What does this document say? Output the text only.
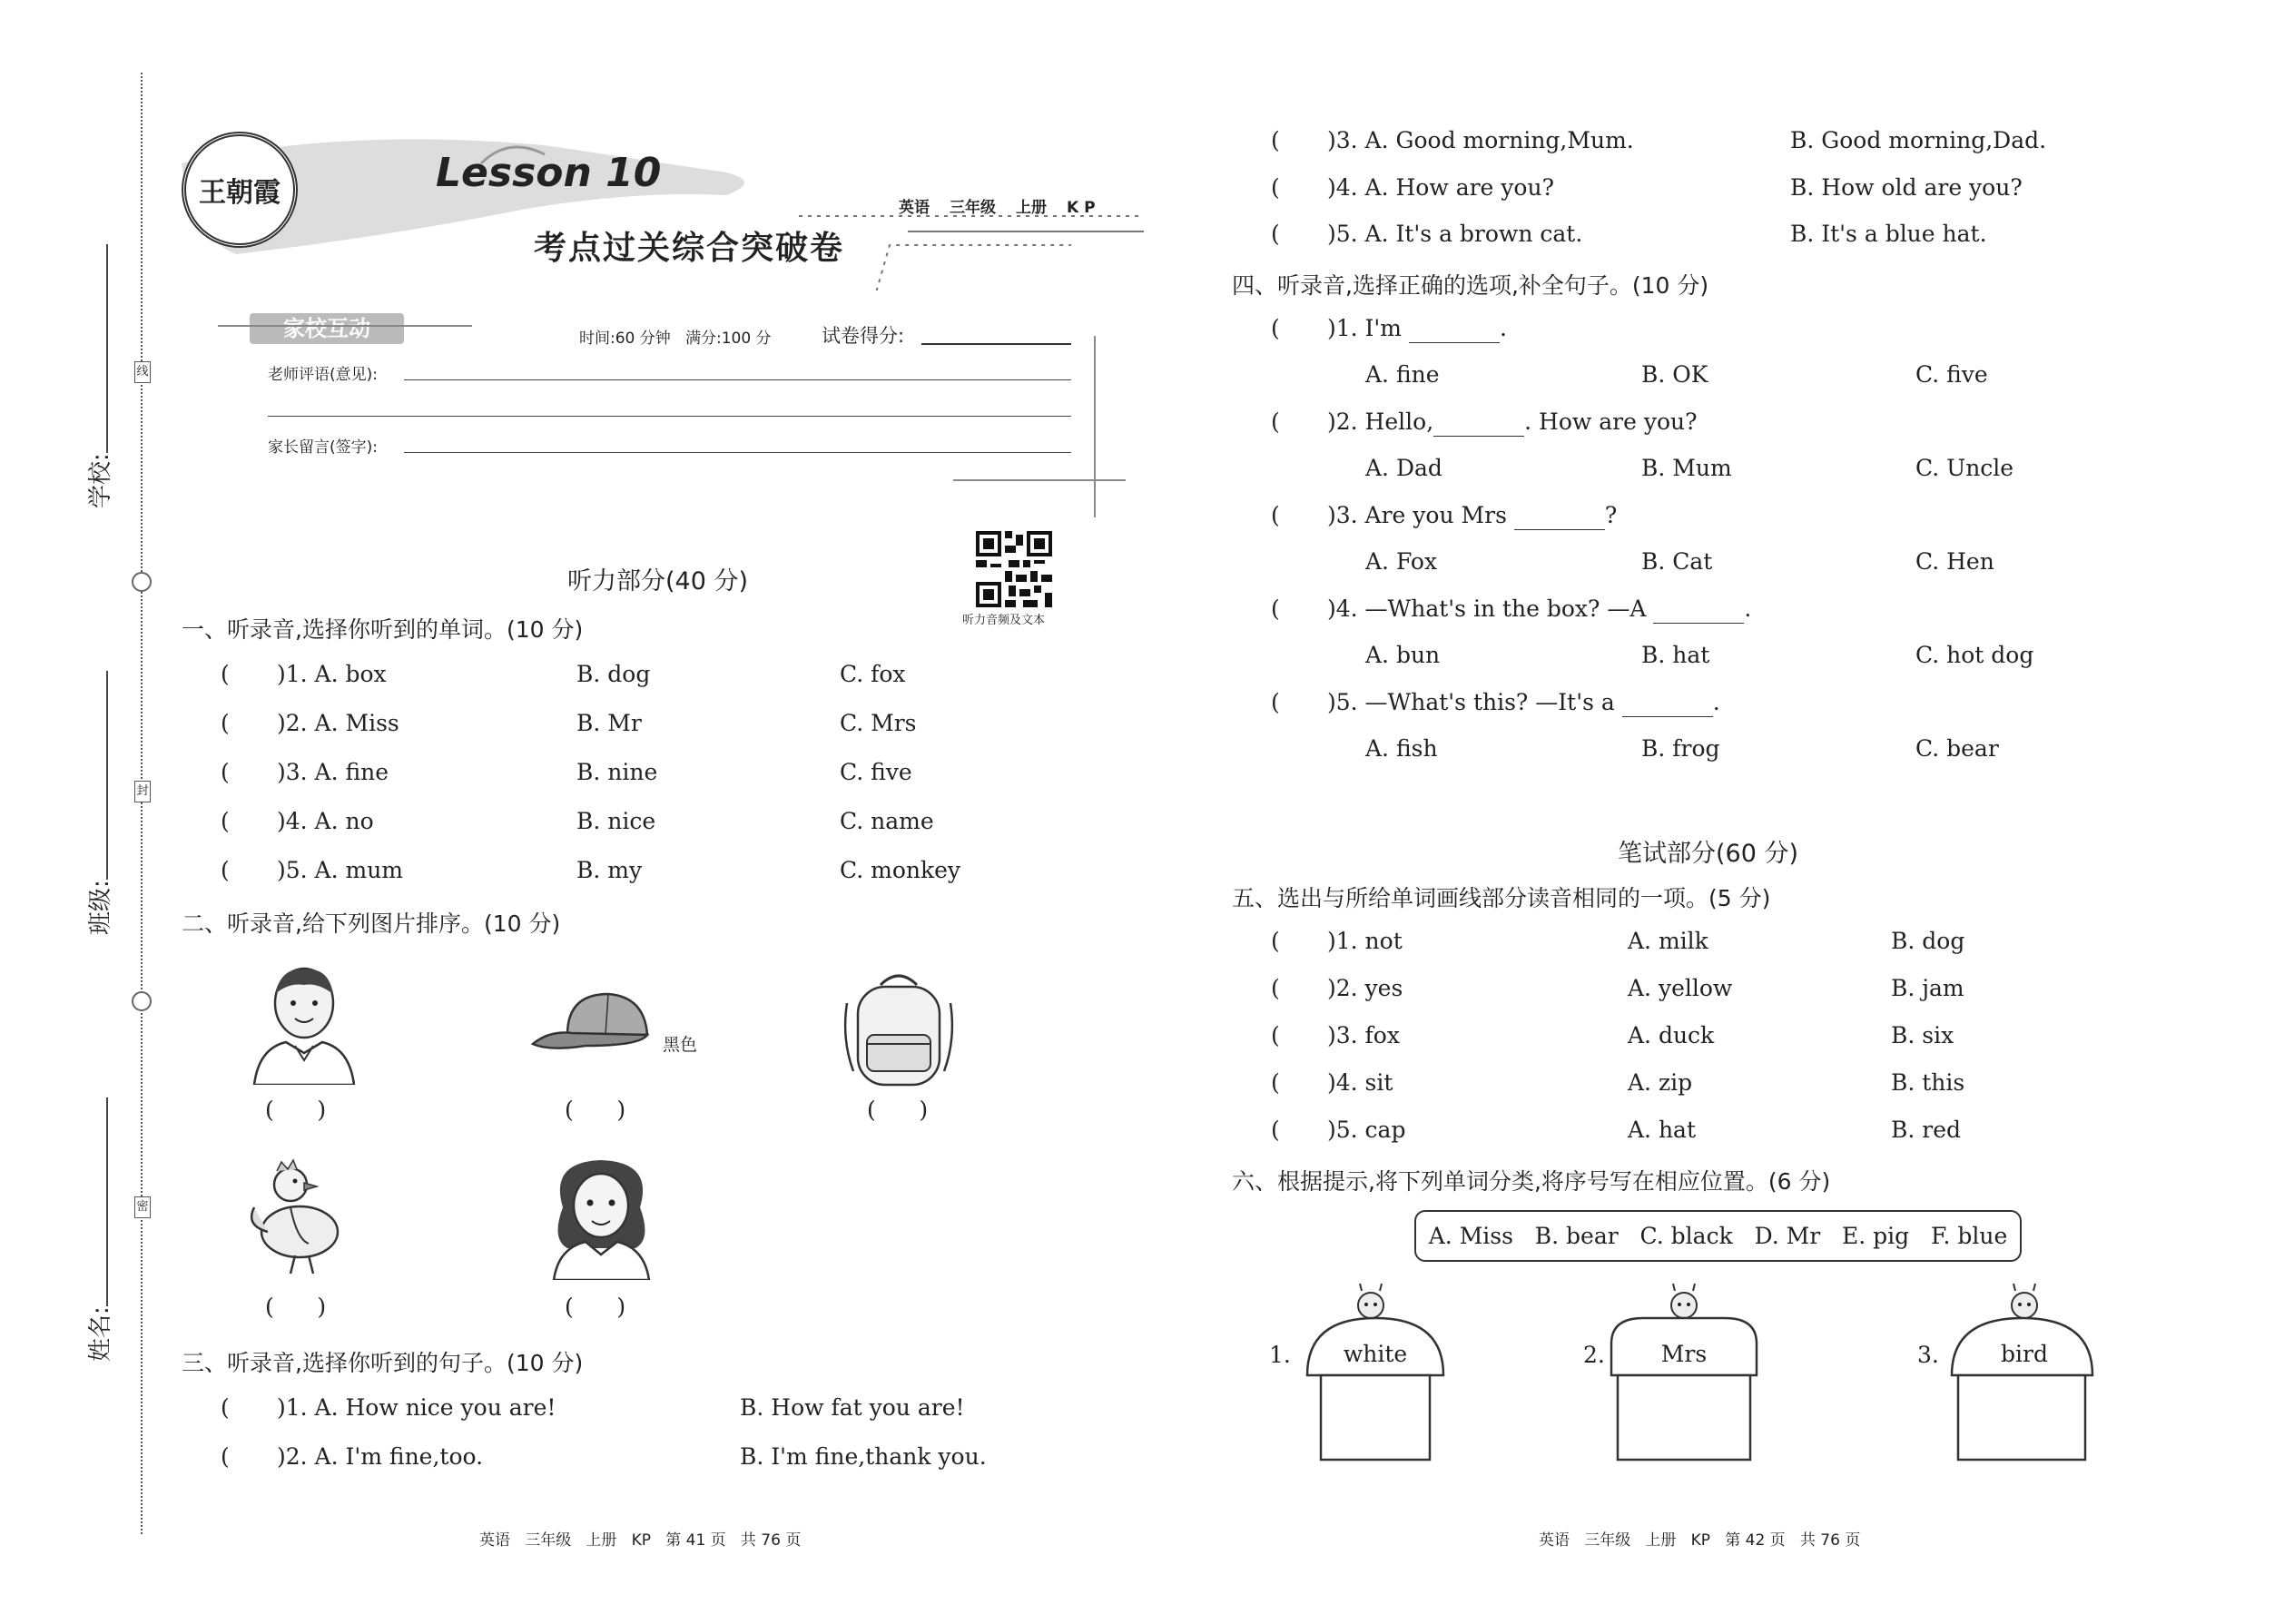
线
封
密
学校:
班级:
姓名:
王朝霞	Lesson 10
考点过关综合突破卷
英语 三年级 上册 KP
家校互动	时间:60 分钟   满分:100 分	试卷得分:
老师评语(意见):
家长留言(签字):
听力音频及文本
听力部分(40 分)
一、听录音,选择你听到的单词。(10 分)
( )1. A. box	B. dog	C. fox
( )2. A. Miss	B. Mr	C. Mrs
( )3. A. fine	B. nine	C. five
( )4. A. no	B. nice	C. name
( )5. A. mum	B. my	C. monkey
二、听录音,给下列图片排序。(10 分)
(      )
黑色
(      )	(      )
(      )	(      )
三、听录音,选择你听到的句子。(10 分)
( )1. A. How nice you are!	B. How fat you are!
( )2. A. I'm fine,too.	B. I'm fine,thank you.
英语   三年级   上册   KP   第 41 页   共 76 页
( )3. A. Good morning,Mum.	B. Good morning,Dad.
( )4. A. How are you?	B. How old are you?
( )5. A. It's a brown cat.	B. It's a blue hat.
四、听录音,选择正确的选项,补全句子。(10 分)
( )1. I'm	.
A. fine	B. OK	C. five
( )2. Hello,	. How are you?
A. Dad	B. Mum	C. Uncle
( )3. Are you Mrs	?
A. Fox	B. Cat	C. Hen
( )4. —What's in the box? —A	.
A. bun	B. hat	C. hot dog
( )5. —What's this? —It's a	.
A. fish	B. frog	C. bear
笔试部分(60 分)
五、选出与所给单词画线部分读音相同的一项。(5 分)
( )1. not	A. milk	B. dog
( )2. yes	A. yellow	B. jam
( )3. fox	A. duck	B. six
( )4. sit	A. zip	B. this
( )5. cap	A. hat	B. red
六、根据提示,将下列单词分类,将序号写在相应位置。(6 分)
A. Miss   B. bear   C. black   D. Mr   E. pig   F. blue
1.	white	2.	Mrs	3.	bird
英语   三年级   上册   KP   第 42 页   共 76 页
